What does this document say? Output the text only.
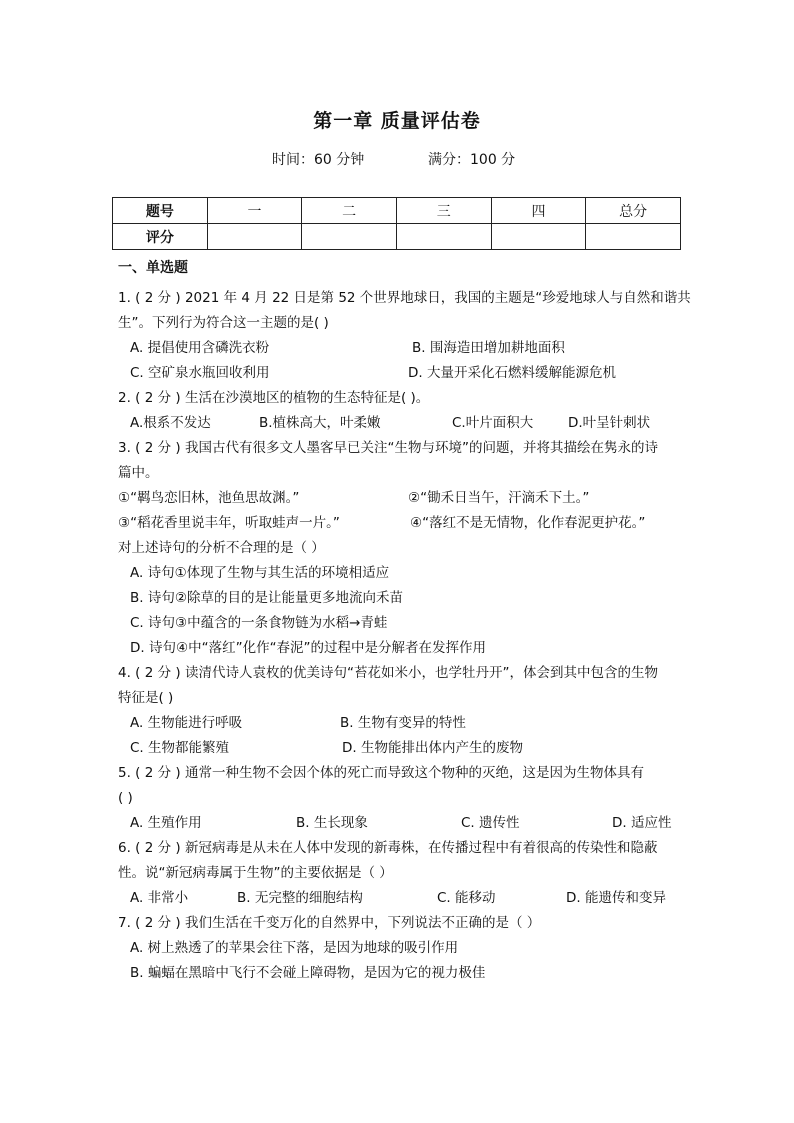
第一章 质量评估卷
时间：60 分钟	满分：100 分
题号	一	二	三	四	总分
评分					
一、单选题
1. ( 2 分 ) 2021 年 4 月 22 日是第 52 个世界地球日，我国的主题是“珍爱地球人与自然和谐共
生”。下列行为符合这一主题的是( )
A. 提倡使用含磷洗衣粉	B. 围海造田增加耕地面积
C. 空矿泉水瓶回收利用	D. 大量开采化石燃料缓解能源危机
2. ( 2 分 ) 生活在沙漠地区的植物的生态特征是( )。
A.根系不发达	B.植株高大，叶柔嫩	C.叶片面积大	D.叶呈针刺状
3. ( 2 分 ) 我国古代有很多文人墨客早已关注“生物与环境”的问题，并将其描绘在隽永的诗
篇中。
①“羁鸟恋旧林，池鱼思故渊。”	②“锄禾日当午，汗滴禾下土。”
③“稻花香里说丰年，听取蛙声一片。”	④“落红不是无情物，化作春泥更护花。”
对上述诗句的分析不合理的是（ ）
A. 诗句①体现了生物与其生活的环境相适应
B. 诗句②除草的目的是让能量更多地流向禾苗
C. 诗句③中蕴含的一条食物链为水稻→青蛙
D. 诗句④中“落红”化作“春泥”的过程中是分解者在发挥作用
4. ( 2 分 ) 读清代诗人袁枚的优美诗句“苔花如米小，也学牡丹开”，体会到其中包含的生物
特征是( )
A. 生物能进行呼吸	B. 生物有变异的特性
C. 生物都能繁殖	D. 生物能排出体内产生的废物
5. ( 2 分 ) 通常一种生物不会因个体的死亡而导致这个物种的灭绝，这是因为生物体具有
( )
A. 生殖作用	B. 生长现象	C. 遗传性	D. 适应性
6. ( 2 分 ) 新冠病毒是从未在人体中发现的新毒株，在传播过程中有着很高的传染性和隐蔽
性。说“新冠病毒属于生物”的主要依据是（ ）
A. 非常小	B. 无完整的细胞结构	C. 能移动	D. 能遗传和变异
7. ( 2 分 ) 我们生活在千变万化的自然界中，下列说法不正确的是（ ）
A. 树上熟透了的苹果会往下落，是因为地球的吸引作用
B. 蝙蝠在黑暗中飞行不会碰上障碍物，是因为它的视力极佳
